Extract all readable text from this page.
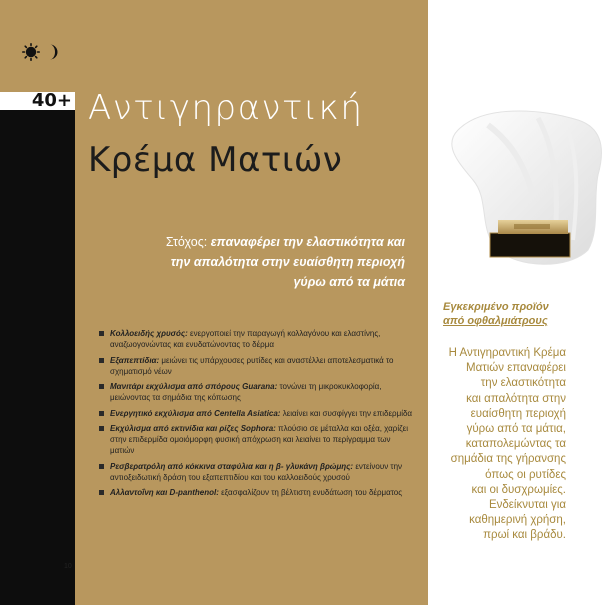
40+ Αντιγηραντική
Κρέμα Ματιών
Στόχος: επαναφέρει την ελαστικότητα και
την απαλότητα στην ευαίσθητη περιοχή
γύρω από τα μάτια
Κολλοειδής χρυσός: ενεργοποιεί την παραγωγή κολλαγόνου και ελαστίνης, αναζωογονώντας και ενυδατώνοντας το δέρμα
Εξαπεπτίδια: μειώνει τις υπάρχουσες ρυτίδες και αναστέλλει αποτελεσματικά το σχηματισμό νέων
Μανιτάρι εκχύλισμα από σπόρους Guarana: τονώνει τη μικροκυκλοφορία, μειώνοντας τα σημάδια της κόπωσης
Ενεργητικό εκχύλισμα από Centella Asiatica: λειαίνει και συσφίγγει την επιδερμίδα
Εκχύλισμα από εκτινίδια και ρίζες Sophora: πλούσιο σε μέταλλα και οξέα, χαρίζει στην επιδερμίδα ομοιόμορφη φυσική απόχρωση και λειαίνει το περίγραμμα των ματιών
Ρεσβερατρόλη από κόκκινα σταφύλια και η β- γλυκάνη βρώμης: εντείνουν την αντιοξειδωτική δράση του εξαπεπτιδίου και του καλλοειδούς χρυσού
Αλλαντοΐνη και D-panthenol: εξασφαλίζουν τη βέλτιστη ενυδάτωση του δέρματος
10
Εγκεκριμένο προϊόν
από οφθαλμιάτρους
Η Αντιγηραντική Κρέμα
Ματιών επαναφέρει
την ελαστικότητα
και απαλότητα στην
ευαίσθητη περιοχή
γύρω από τα μάτια,
καταπολεμώντας τα
σημάδια της γήρανσης
όπως οι ρυτίδες
και οι δυσχρωμίες.
Ενδείκνυται για
καθημερινή χρήση,
πρωί και βράδυ.
